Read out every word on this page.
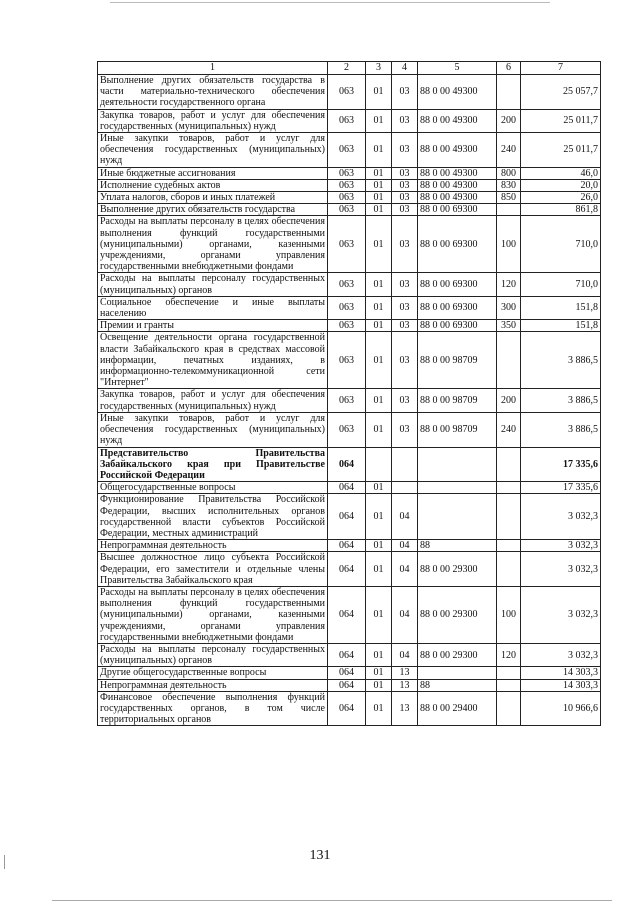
1	2	3	4	5	6	7
Выполнение других обязательств государства в части материально-технического обеспечения деятельности государственного органа	063	01	03	88 0 00 49300		25 057,7
Закупка товаров, работ и услуг для обеспечения государственных (муниципальных) нужд	063	01	03	88 0 00 49300	200	25 011,7
Иные закупки товаров, работ и услуг для обеспечения государственных (муниципальных) нужд	063	01	03	88 0 00 49300	240	25 011,7
Иные бюджетные ассигнования	063	01	03	88 0 00 49300	800	46,0
Исполнение судебных актов	063	01	03	88 0 00 49300	830	20,0
Уплата налогов, сборов и иных платежей	063	01	03	88 0 00 49300	850	26,0
Выполнение других обязательств государства	063	01	03	88 0 00 69300		861,8
Расходы на выплаты персоналу в целях обеспечения выполнения функций государственными (муниципальными) органами, казенными учреждениями, органами управления государственными внебюджетными фондами	063	01	03	88 0 00 69300	100	710,0
Расходы на выплаты персоналу государственных (муниципальных) органов	063	01	03	88 0 00 69300	120	710,0
Социальное обеспечение и иные выплаты населению	063	01	03	88 0 00 69300	300	151,8
Премии и гранты	063	01	03	88 0 00 69300	350	151,8
Освещение деятельности органа государственной власти Забайкальского края в средствах массовой информации, печатных изданиях, в информационно-телекоммуникационной сети "Интернет"	063	01	03	88 0 00 98709		3 886,5
Закупка товаров, работ и услуг для обеспечения государственных (муниципальных) нужд	063	01	03	88 0 00 98709	200	3 886,5
Иные закупки товаров, работ и услуг для обеспечения государственных (муниципальных) нужд	063	01	03	88 0 00 98709	240	3 886,5
Представительство Правительства Забайкальского края при Правительстве Российской Федерации	064					17 335,6
Общегосударственные вопросы	064	01				17 335,6
Функционирование Правительства Российской Федерации, высших исполнительных органов государственной власти субъектов Российской Федерации, местных администраций	064	01	04			3 032,3
Непрограммная деятельность	064	01	04	88		3 032,3
Высшее должностное лицо субъекта Российской Федерации, его заместители и отдельные члены Правительства Забайкальского края	064	01	04	88 0 00 29300		3 032,3
Расходы на выплаты персоналу в целях обеспечения выполнения функций государственными (муниципальными) органами, казенными учреждениями, органами управления государственными внебюджетными фондами	064	01	04	88 0 00 29300	100	3 032,3
Расходы на выплаты персоналу государственных (муниципальных) органов	064	01	04	88 0 00 29300	120	3 032,3
Другие общегосударственные вопросы	064	01	13			14 303,3
Непрограммная деятельность	064	01	13	88		14 303,3
Финансовое обеспечение выполнения функций государственных органов, в том числе территориальных органов	064	01	13	88 0 00 29400		10 966,6
131
